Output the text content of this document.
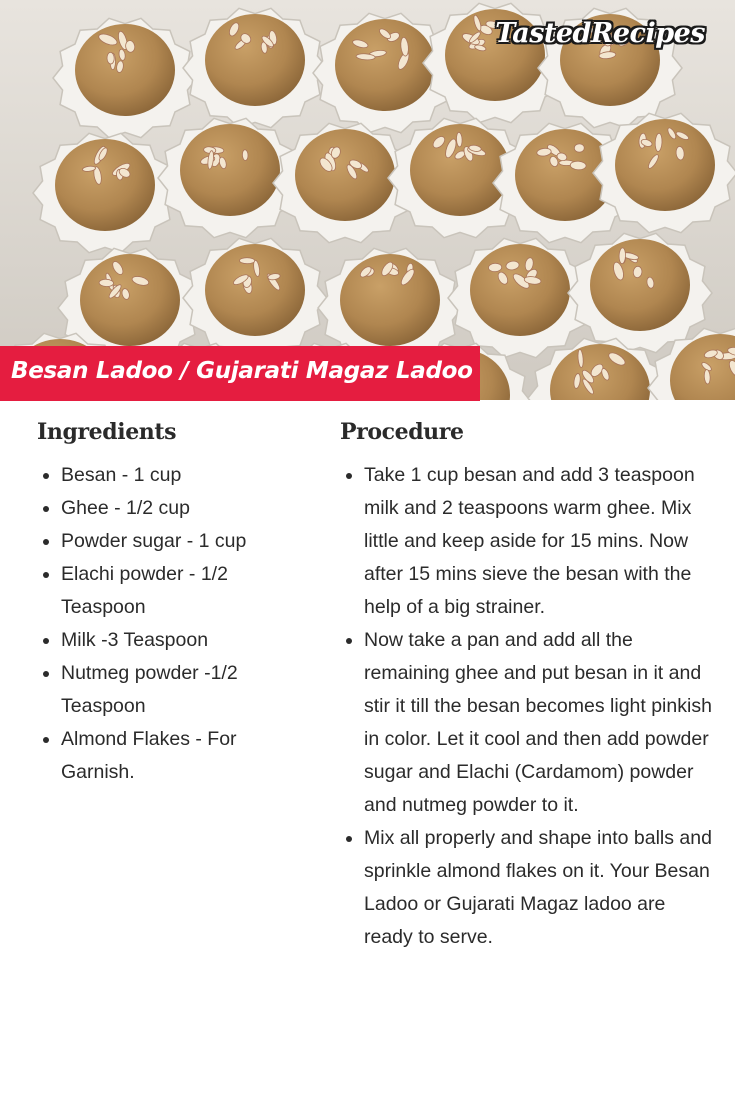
TastedRecipes
Besan Ladoo / Gujarati Magaz Ladoo
Ingredients
• Besan - 1 cup
• Ghee - 1/2 cup
• Powder sugar - 1 cup
• Elachi powder - 1/2 Teaspoon
• Milk -3 Teaspoon
• Nutmeg powder -1/2 Teaspoon
• Almond Flakes - For Garnish.
Procedure
• Take 1 cup besan and add 3 teaspoon milk and 2 teaspoons warm ghee. Mix little and keep aside for 15 mins. Now after 15 mins sieve the besan with the help of a big strainer.
• Now take a pan and add all the remaining ghee and put besan in it and stir it till the besan becomes light pinkish in color. Let it cool and then add powder sugar and Elachi (Cardamom) powder and nutmeg powder to it.
• Mix all properly and shape into balls and sprinkle almond flakes on it. Your Besan Ladoo or Gujarati Magaz ladoo are ready to serve.
